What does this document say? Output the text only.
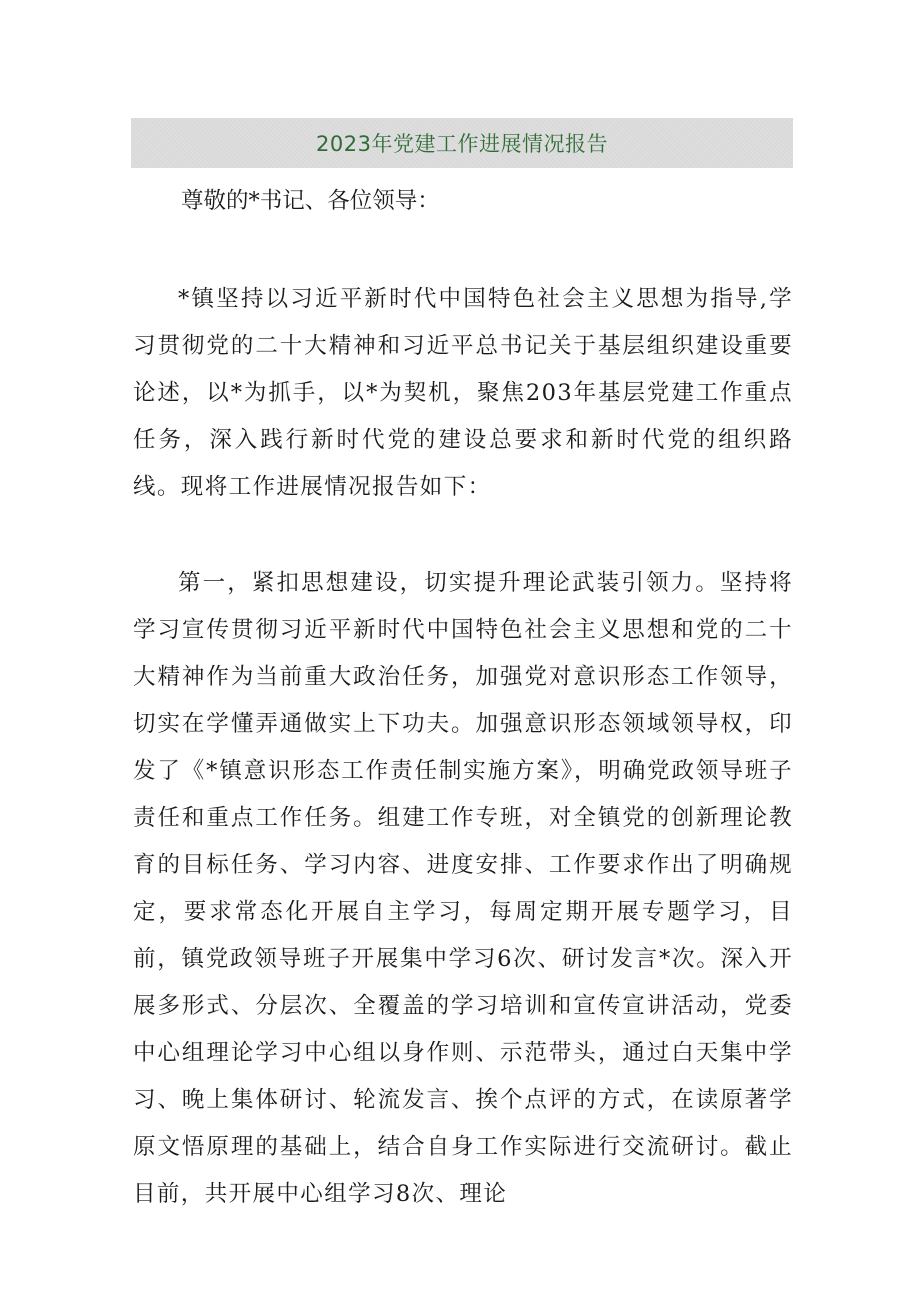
2023年党建工作进展情况报告

尊敬的*书记、各位领导：

*镇坚持以习近平新时代中国特色社会主义思想为指导,学习贯彻党的二十大精神和习近平总书记关于基层组织建设重要论述，以*为抓手，以*为契机，聚焦203年基层党建工作重点任务，深入践行新时代党的建设总要求和新时代党的组织路线。现将工作进展情况报告如下：

第一，紧扣思想建设，切实提升理论武装引领力。坚持将学习宣传贯彻习近平新时代中国特色社会主义思想和党的二十大精神作为当前重大政治任务，加强党对意识形态工作领导，切实在学懂弄通做实上下功夫。加强意识形态领域领导权，印发了《*镇意识形态工作责任制实施方案》，明确党政领导班子责任和重点工作任务。组建工作专班，对全镇党的创新理论教育的目标任务、学习内容、进度安排、工作要求作出了明确规定，要求常态化开展自主学习，每周定期开展专题学习，目前，镇党政领导班子开展集中学习6次、研讨发言*次。深入开展多形式、分层次、全覆盖的学习培训和宣传宣讲活动，党委中心组理论学习中心组以身作则、示范带头，通过白天集中学习、晚上集体研讨、轮流发言、挨个点评的方式，在读原著学原文悟原理的基础上，结合自身工作实际进行交流研讨。截止目前，共开展中心组学习8次、理论
